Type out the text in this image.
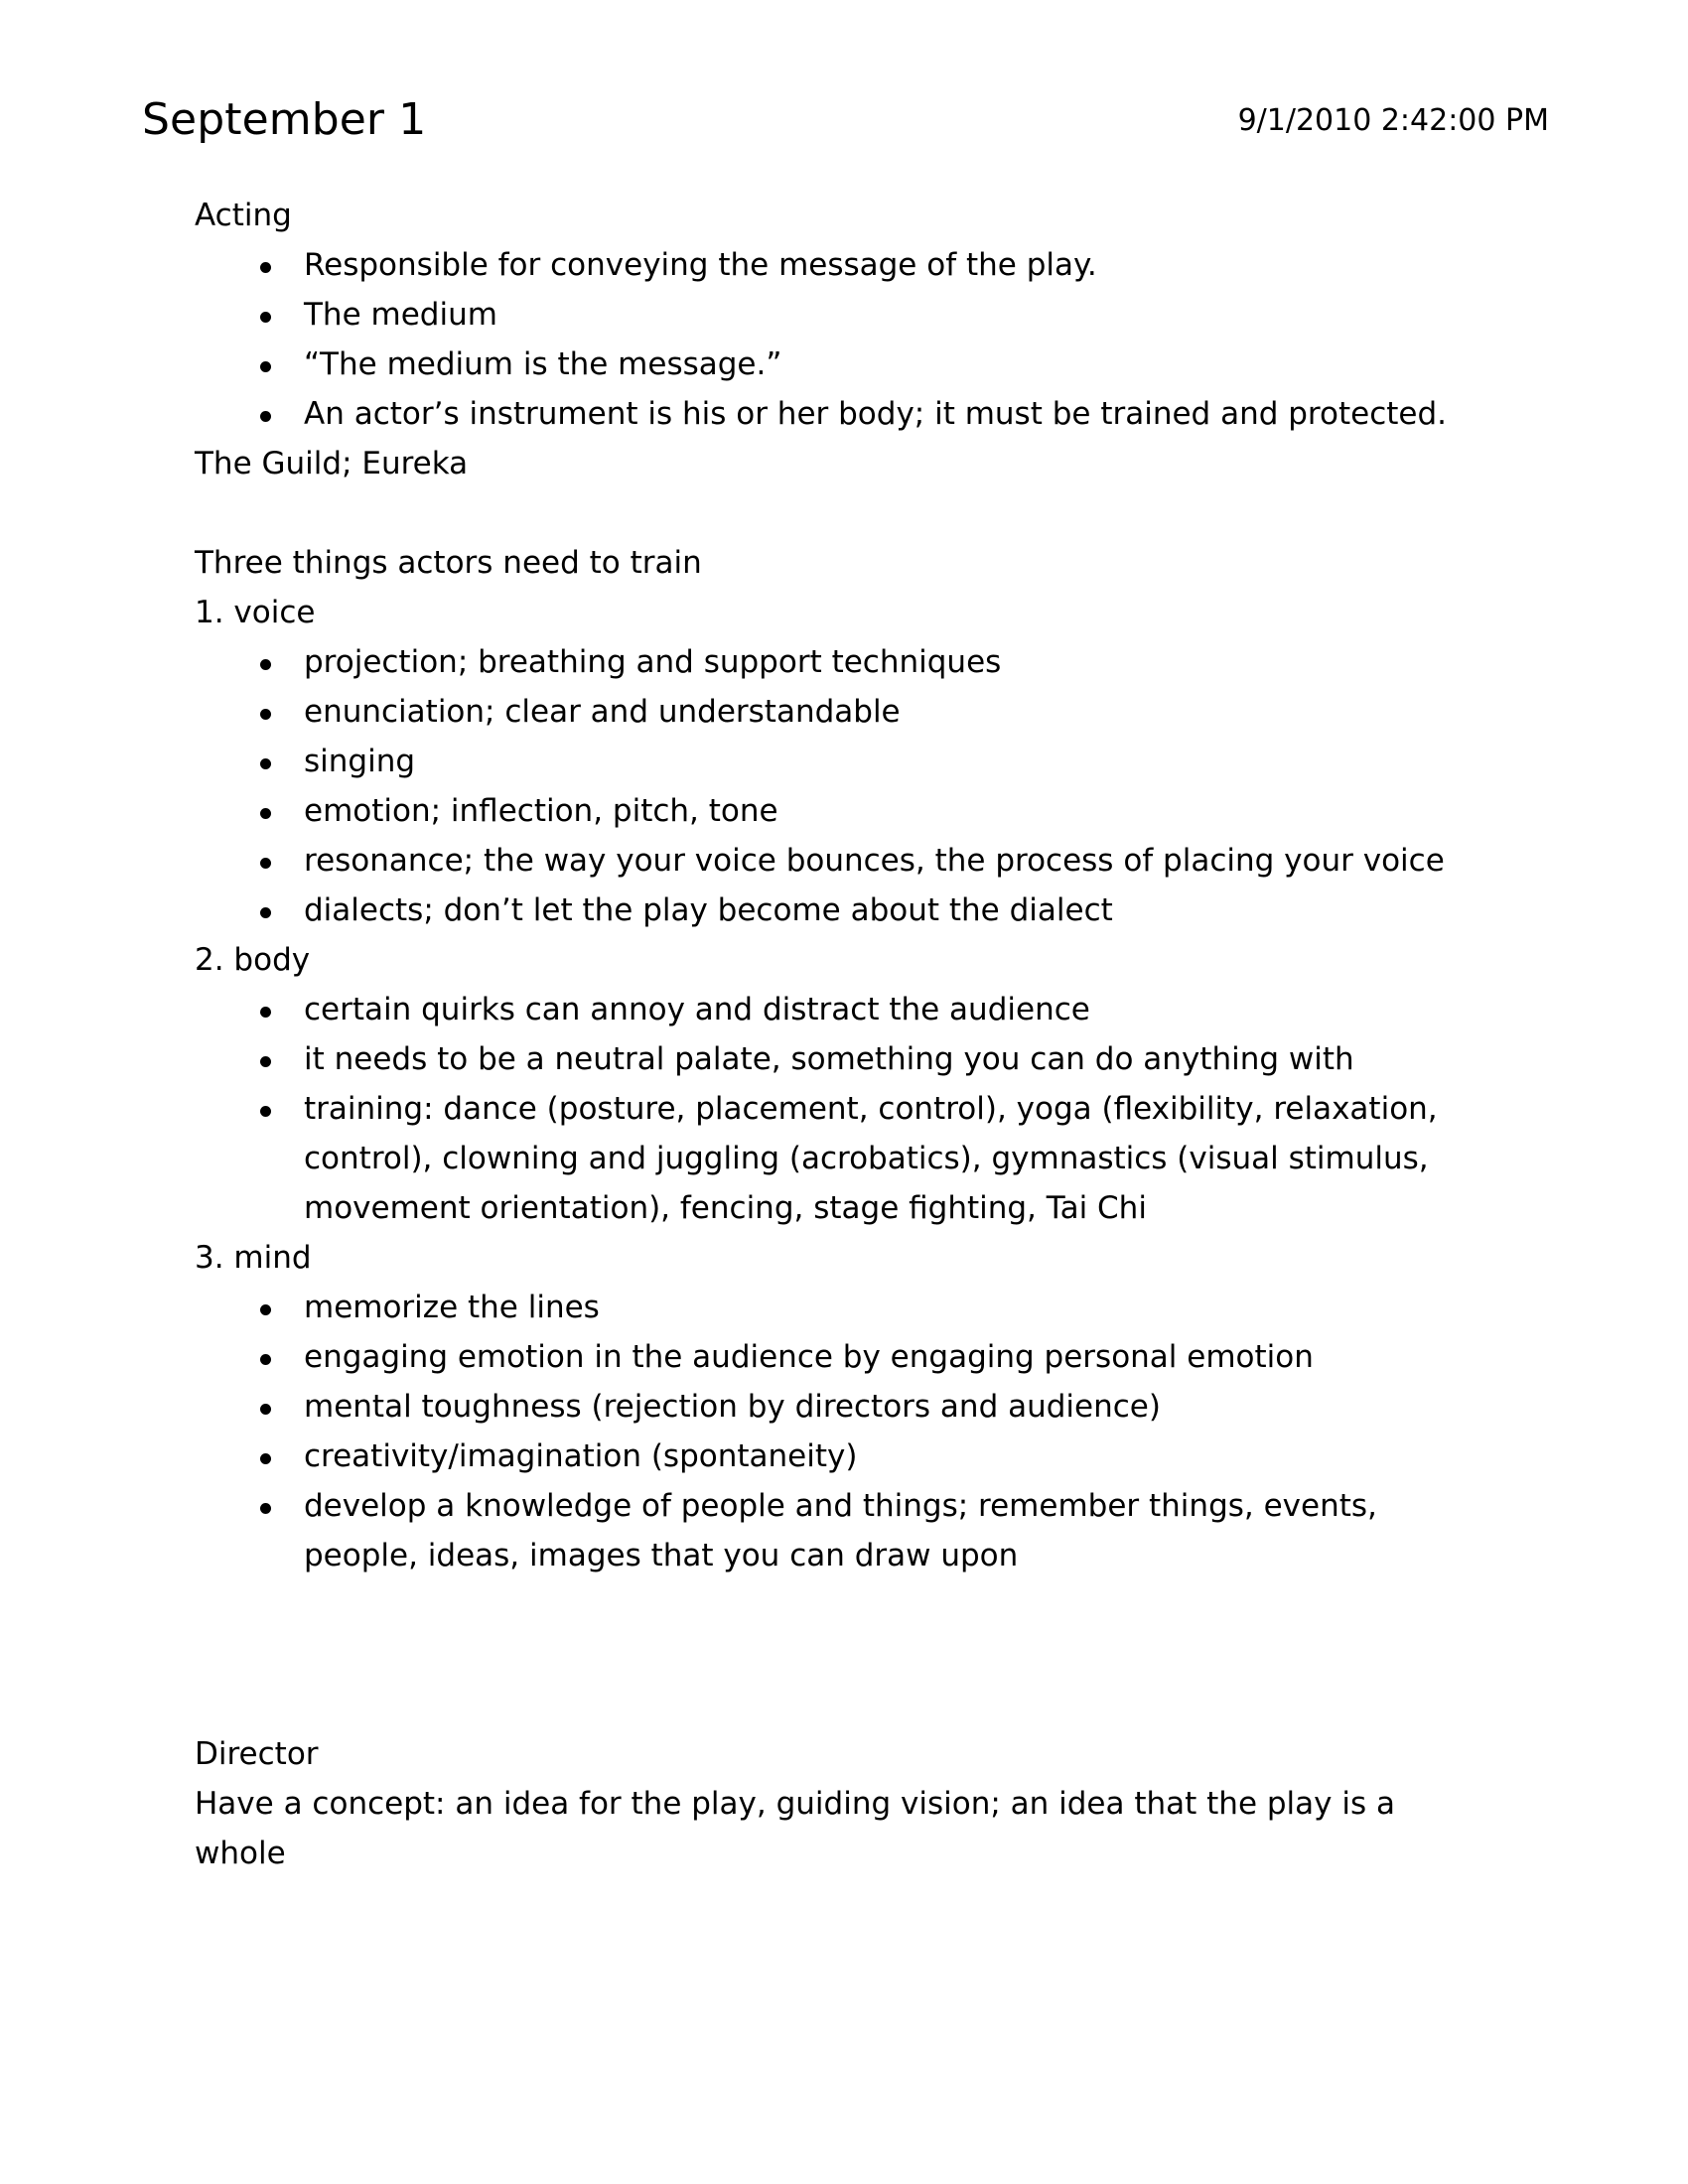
September 1	9/1/2010 2:42:00 PM

Acting

Responsible for conveying the message of the play.
The medium
“The medium is the message.”
An actor’s instrument is his or her body; it must be trained and protected.

The Guild; Eureka

Three things actors need to train

1. voice

projection; breathing and support techniques
enunciation; clear and understandable
singing
emotion; inflection, pitch, tone
resonance; the way your voice bounces, the process of placing your voice
dialects; don’t let the play become about the dialect

2. body

certain quirks can annoy and distract the audience
it needs to be a neutral palate, something you can do anything with
training: dance (posture, placement, control), yoga (flexibility, relaxation, control), clowning and juggling (acrobatics), gymnastics (visual stimulus, movement orientation), fencing, stage fighting, Tai Chi

3. mind

memorize the lines
engaging emotion in the audience by engaging personal emotion
mental toughness (rejection by directors and audience)
creativity/imagination (spontaneity)
develop a knowledge of people and things; remember things, events, people, ideas, images that you can draw upon

Director

Have a concept: an idea for the play, guiding vision; an idea that the play is a whole
